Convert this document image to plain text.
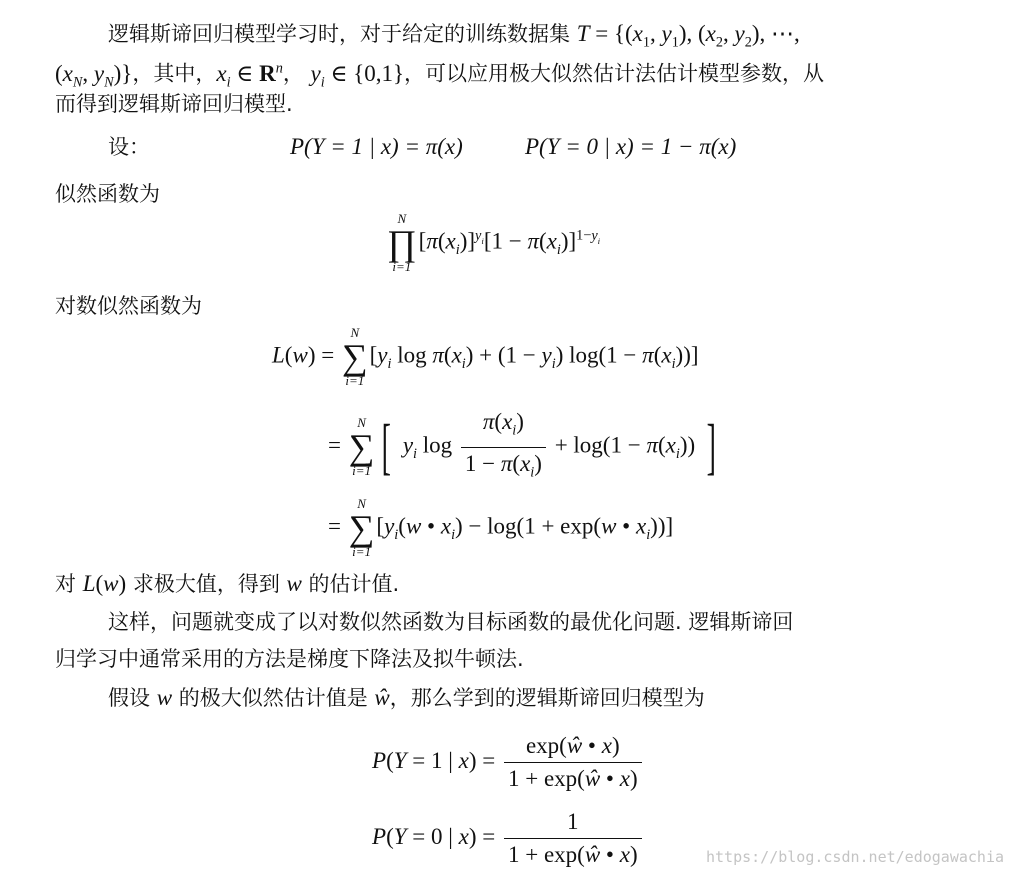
逻辑斯谛回归模型学习时，对于给定的训练数据集 $T = \{(x_1$, $y_1$), ($x_2$, $y_2$), ⋯,
($x_N$, $y_N$)}，其中，$x_i$ ∈ $R^n$， $y_i$ ∈ {0,1}，可以应用极大似然估计法估计模型参数，从
而得到逻辑斯谛回归模型.
设：	P(Y = 1 | x) = π(x)	P(Y = 0 | x) = 1 − π(x)
似然函数为
N
∏
i=1
$[\pi(x_i)]^{y_i}[1 - \pi(x_i)]^{1-y_i}$
对数似然函数为
L(w) =
N
∑
i=1
[$y_i$ $\log \pi(x_i) + (1 - y_i) \log(1 - \pi(x_i))$]
=
N
∑
i=1 [ $y_i$ $\log \frac{\pi(x_i)}{1 - \pi(x_i)} + \log(1 - \pi(x_i))$ ]
=
N
∑
i=1
[$y_i(w$ • $x_i) - \log(1 + \exp(w$ • $x_i$))]
对 L(w) 求极大值，得到 w 的估计值.
这样，问题就变成了以对数似然函数为目标函数的最优化问题. 逻辑斯谛回
归学习中通常采用的方法是梯度下降法及拟牛顿法.
假设 w 的极大似然估计值是 ŵ，那么学到的逻辑斯谛回归模型为
P(Y = 1 | $x) = \frac{\exp(ŵ • x)}{1 + \exp(ŵ • x)}$
P(Y = 0 | $x) = \frac{1}{1 + \exp(ŵ • x)}$	https://blog.csdn.net/edogawachia
